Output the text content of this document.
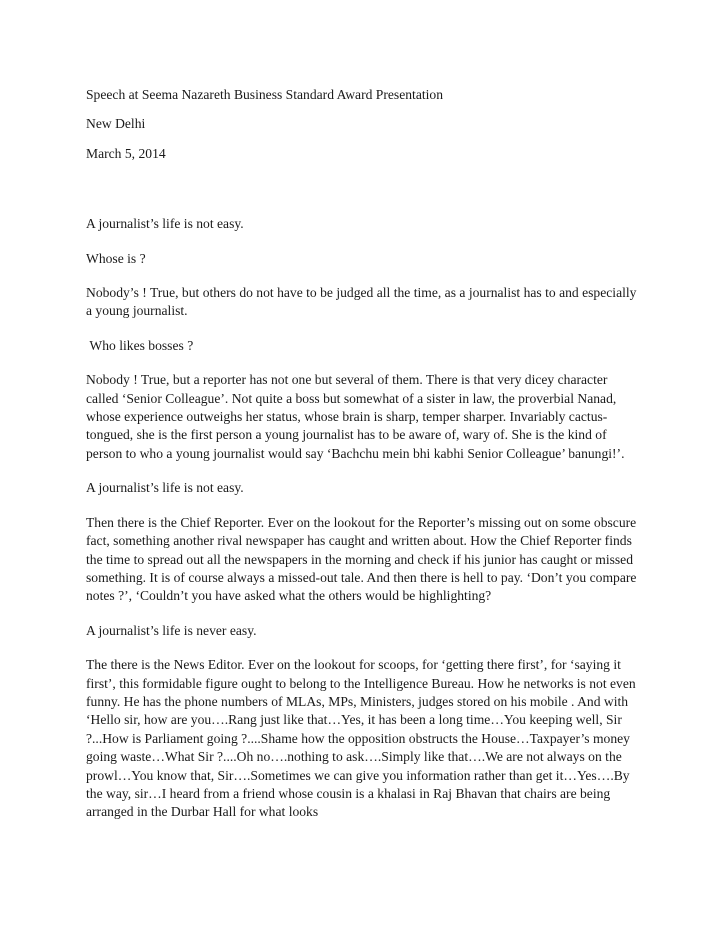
Speech at Seema Nazareth Business Standard Award Presentation

New Delhi

March 5, 2014

A journalist’s life is not easy.

Whose is ?

Nobody’s ! True, but others do not have to be judged all the time, as a journalist has to and especially a young journalist.

Who likes bosses ?

Nobody ! True, but a reporter has not one but several of them. There is that very dicey character called ‘Senior Colleague’. Not quite a boss but somewhat of a sister in law, the proverbial Nanad, whose experience outweighs her status, whose brain is sharp, temper sharper. Invariably cactus-tongued, she is the first person a young journalist has to be aware of, wary of. She is the kind of person to who a young journalist would say ‘Bachchu mein bhi kabhi Senior Colleague’ banungi!’.

A journalist’s life is not easy.

Then there is the Chief Reporter. Ever on the lookout for the Reporter’s missing out on some obscure fact, something another rival newspaper has caught and written about. How the Chief Reporter finds the time to spread out all the newspapers in the morning and check if his junior has caught or missed something. It is of course always a missed-out tale. And then there is hell to pay. ‘Don’t you compare notes ?’, ‘Couldn’t you have asked what the others would be highlighting?

A journalist’s life is never easy.

The there is the News Editor. Ever on the lookout for scoops, for ‘getting there first’, for ‘saying it first’, this formidable figure ought to belong to the Intelligence Bureau. How he networks is not even funny. He has the phone numbers of MLAs, MPs, Ministers, judges stored on his mobile . And with ‘Hello sir, how are you….Rang just like that…Yes, it has been a long time…You keeping well, Sir ?...How is Parliament going ?....Shame how the opposition obstructs the House…Taxpayer’s money going waste…What Sir ?....Oh no….nothing to ask….Simply like that….We are not always on the prowl…You know that, Sir….Sometimes we can give you information rather than get it…Yes….By the way, sir…I heard from a friend whose cousin is a khalasi in Raj Bhavan that chairs are being arranged in the Durbar Hall for what looks
